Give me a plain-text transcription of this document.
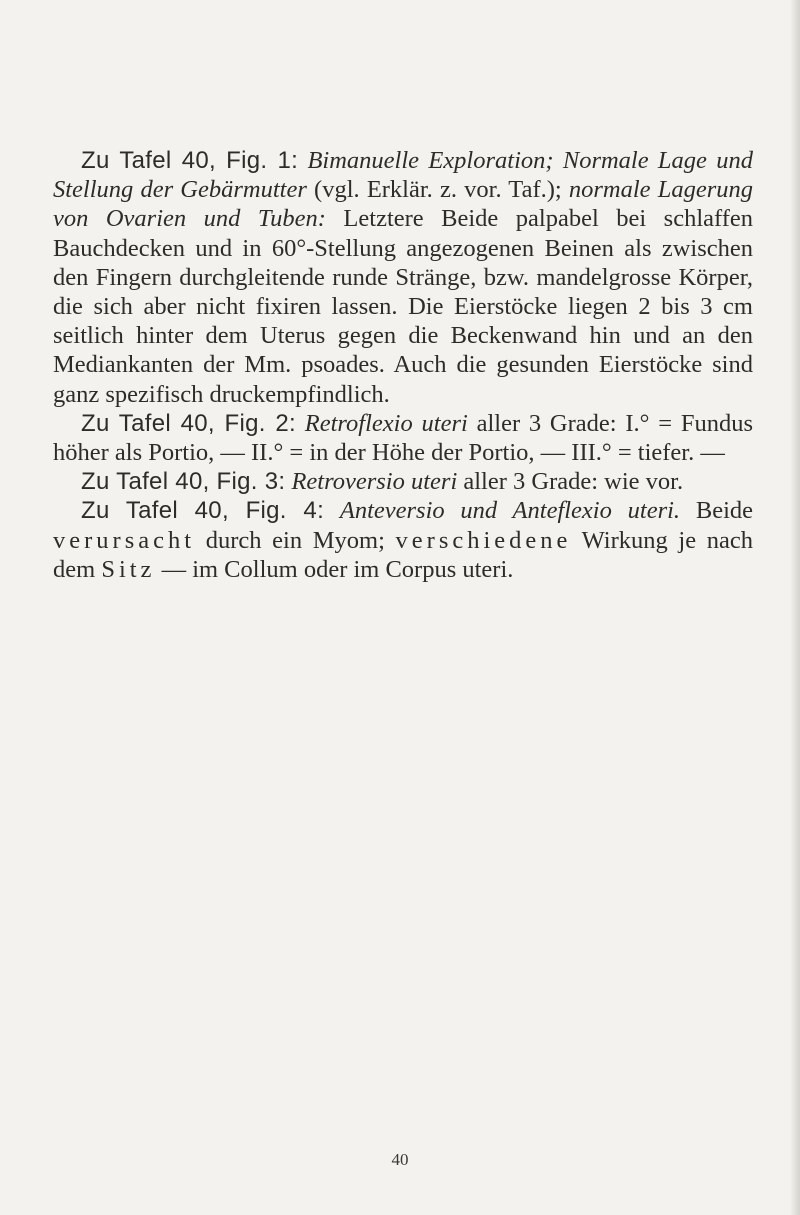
Zu Tafel 40, Fig. 1: Bimanuelle Exploration; Normale Lage und Stellung der Gebärmutter (vgl. Erklär. z. vor. Taf.); normale Lagerung von Ovarien und Tuben: Letztere Beide palpabel bei schlaffen Bauchdecken und in 60°-Stellung angezogenen Beinen als zwischen den Fingern durchgleitende runde Stränge, bzw. mandelgrosse Körper, die sich aber nicht fixiren lassen. Die Eierstöcke liegen 2 bis 3 cm seitlich hinter dem Uterus gegen die Beckenwand hin und an den Mediankanten der Mm. psoades. Auch die gesunden Eierstöcke sind ganz spezifisch druckempfindlich.

Zu Tafel 40, Fig. 2: Retroflexio uteri aller 3 Grade: I.° = Fundus höher als Portio, — II.° = in der Höhe der Portio, — III.° = tiefer. —

Zu Tafel 40, Fig. 3: Retroversio uteri aller 3 Grade: wie vor.

Zu Tafel 40, Fig. 4: Anteversio und Anteflexio uteri. Beide verursacht durch ein Myom; verschiedene Wirkung je nach dem Sitz — im Collum oder im Corpus uteri.

40
